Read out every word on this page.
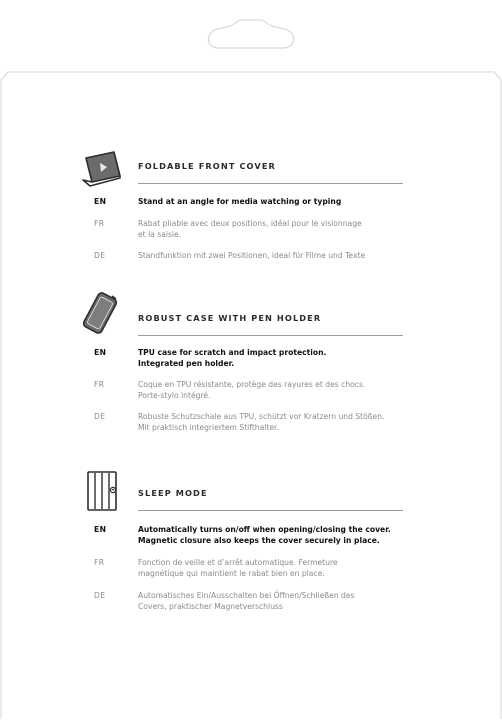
FOLDABLE FRONT COVER
EN	Stand at an angle for media watching or typing
FR	Rabat pliable avec deux positions, idéal pour le visionnage
et la saisie.
DE	Standfunktion mit zwei Positionen, ideal für Filme und Texte
ROBUST CASE WITH PEN HOLDER
EN	TPU case for scratch and impact protection.
Integrated pen holder.
FR	Coque en TPU résistante, protège des rayures et des chocs.
Porte-stylo intégré.
DE	Robuste Schutzschale aus TPU, schützt vor Kratzern und Stößen.
Mit praktisch integriertem Stifthalter.
SLEEP MODE
EN	Automatically turns on/off when opening/closing the cover.
Magnetic closure also keeps the cover securely in place.
FR	Fonction de veille et d’arrêt automatique. Fermeture
magnétique qui maintient le rabat bien en place.
DE	Automatisches Ein/Ausschalten bei Öffnen/Schließen des
Covers, praktischer Magnetverschluss
